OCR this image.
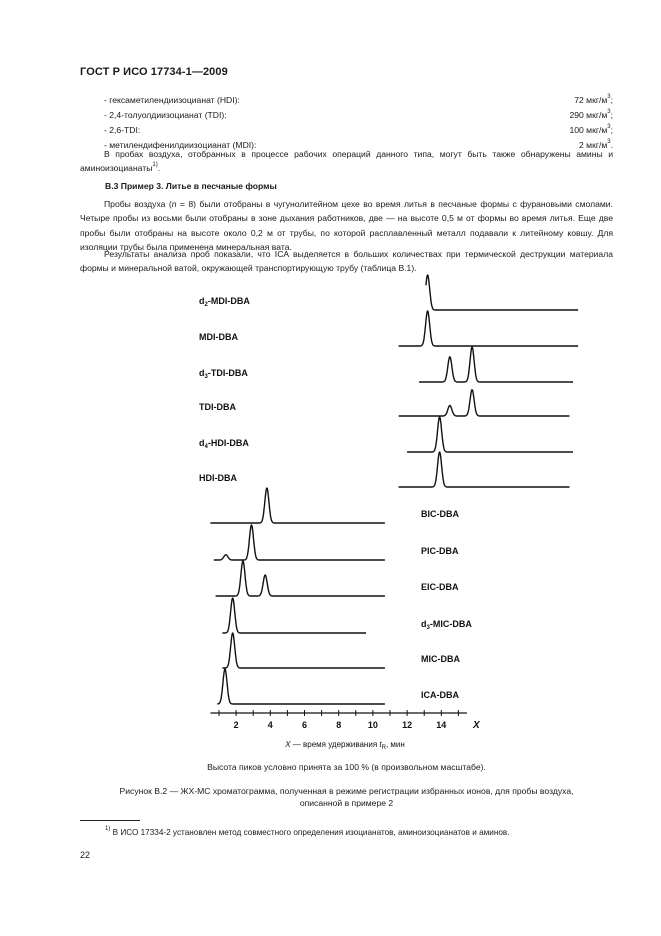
ГОСТ Р ИСО 17734-1—2009
- гексаметилендиизоцианат (HDI):	72 мкг/$м^3$;
- 2,4-толуолдиизоцианат (TDI):	290 мкг/$м^3$;
- 2,6-TDI:	100 мкг/$м^3$;
- метилендифенилдиизоцианат (MDI):	2 мкг/$м^3$.
В пробах воздуха, отобранных в процессе рабочих операций данного типа, могут быть также обнаружены амины и аминоизоцианаты$^{1)}$.
B.3 Пример 3. Литье в песчаные формы
Пробы воздуха (n = 8) были отобраны в чугунолитейном цехе во время литья в песчаные формы с фурановыми смолами. Четыре пробы из восьми были отобраны в зоне дыхания работников, две — на высоте 0,5 м от формы во время литья. Еще две пробы были отобраны на высоте около 0,2 м от трубы, по которой расплавленный металл подавали к литейному ковшу. Для изоляции трубы была применена минеральная вата.
Результаты анализа проб показали, что ICA выделяется в больших количествах при термической деструкции материала формы и минеральной ватой, окружающей транспортирующую трубу (таблица B.1).
$d_2-MDI$-DBA
MDI-DBA
$d_3-TDI$-DBA
TDI-DBA
$d_4-HDI$-DBA
HDI-DBA
BIC-DBA
PIC-DBA
EIC-DBA
$d_3-MIC$-DBA
MIC-DBA
ICA-DBA
2	4	6	8	10	12	14	X
X — время удерживания $t_R$, мин
Высота пиков условно принята за 100 % (в произвольном масштабе).
Рисунок B.2 — ЖХ-МС хроматограмма, полученная в режиме регистрации избранных ионов, для пробы воздуха,
описанной в примере 2
$^{1)}$ В ИСО 17334-2 установлен метод совместного определения изоцианатов, аминоизоцианатов и аминов.
22
